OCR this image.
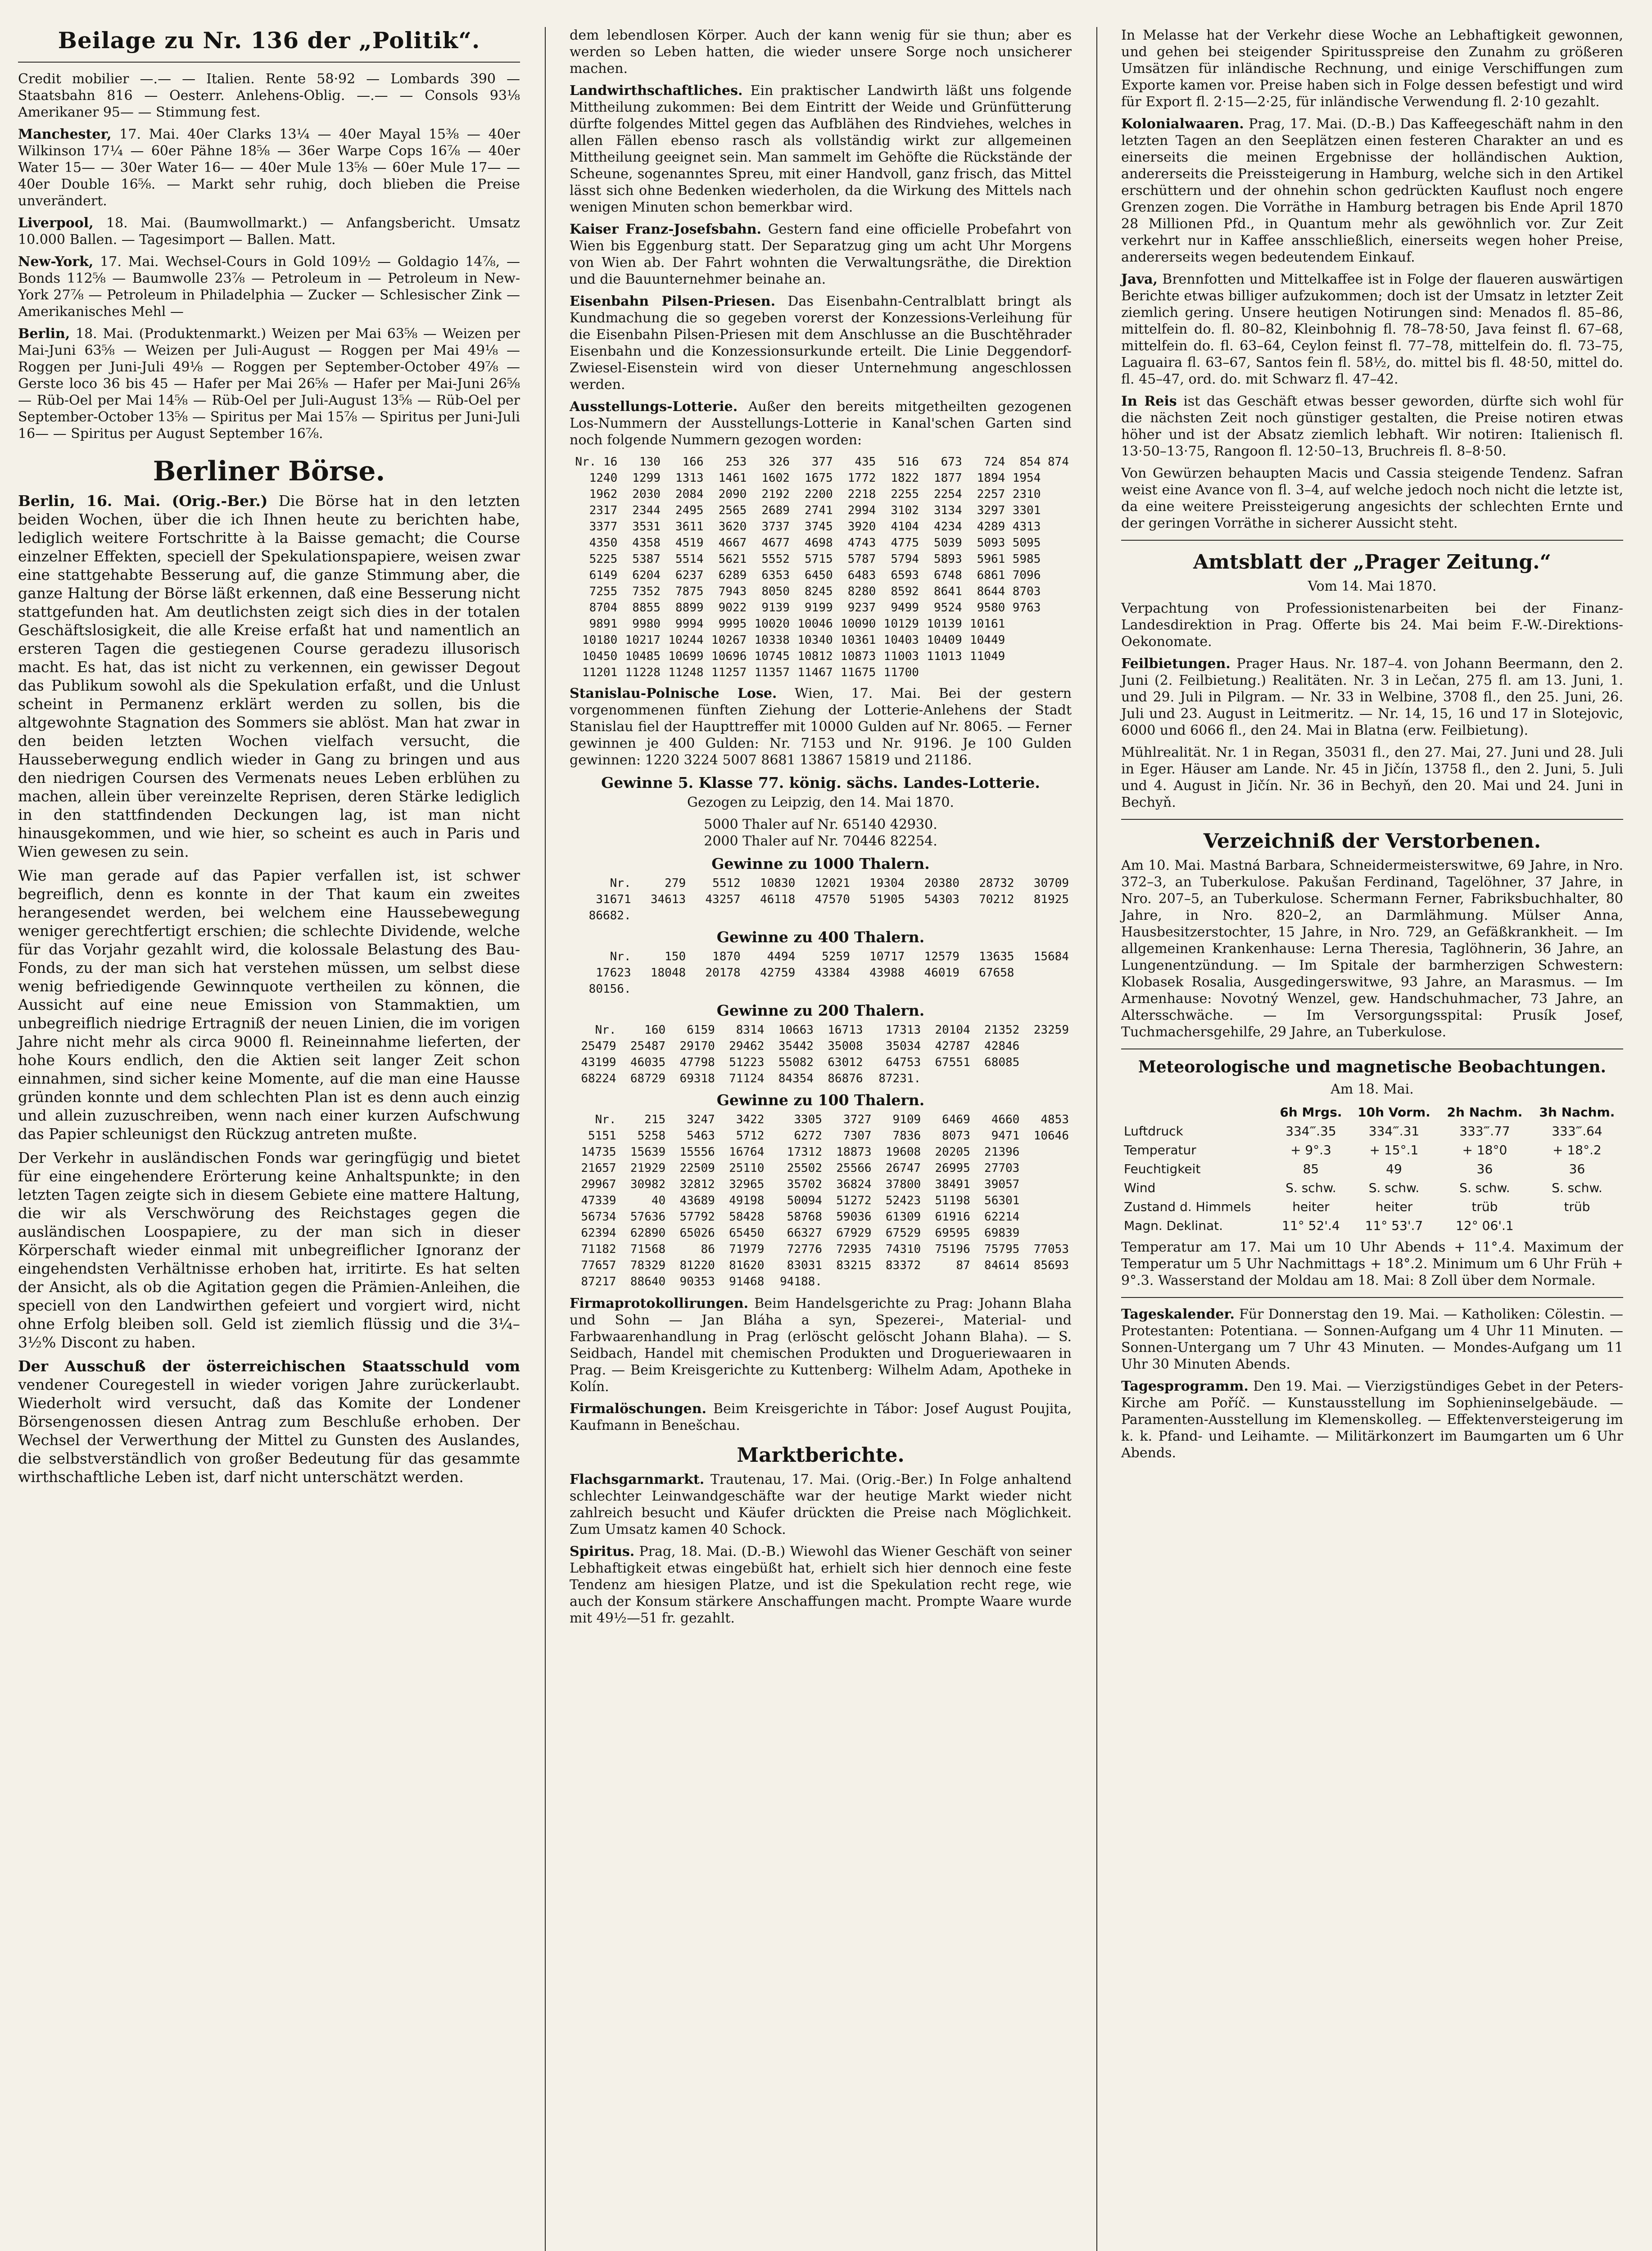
Beilage zu Nr. 136 der „Politik“.
Credit mobilier —.— — Italien. Rente 58·92 — Lombards 390 — Staatsbahn 816 — Oesterr. Anlehens-Oblig. —.— — Consols 93⅛ Amerikaner 95— — Stimmung fest.
Manchester, 17. Mai. 40er Clarks 13¼ — 40er Mayal 15⅜ — 40er Wilkinson 17¼ — 60er Pähne 18⅝ — 36er Warpe Cops 16⅞ — 40er Water 15— — 30er Water 16— — 40er Mule 13⅝ — 60er Mule 17— — 40er Double 16⅝. — Markt sehr ruhig, doch blieben die Preise unverändert.
Liverpool, 18. Mai. (Baumwollmarkt.) — Anfangsbericht. Umsatz 10.000 Ballen. — Tagesimport — Ballen. Matt.
New-York, 17. Mai. Wechsel-Cours in Gold 109½ — Goldagio 14⅞, — Bonds 112⅝ — Baumwolle 23⅞ — Petroleum in — Petroleum in New-York 27⅞ — Petroleum in Philadelphia — Zucker — Schlesischer Zink — Amerikanisches Mehl —
Berlin, 18. Mai. (Produktenmarkt.) Weizen per Mai 63⅝ — Weizen per Mai-Juni 63⅝ — Weizen per Juli-August — Roggen per Mai 49⅛ — Roggen per Juni-Juli 49⅛ — Roggen per September-October 49⅞ — Gerste loco 36 bis 45 — Hafer per Mai 26⅝ — Hafer per Mai-Juni 26⅝ — Rüb-Oel per Mai 14⅝ — Rüb-Oel per Juli-August 13⅝ — Rüb-Oel per September-October 13⅝ — Spiritus per Mai 15⅞ — Spiritus per Juni-Juli 16— — Spiritus per August September 16⅞.
Berliner Börse.
Berlin, 16. Mai. (Orig.-Ber.) Die Börse hat in den letzten beiden Wochen, über die ich Ihnen heute zu berichten habe, lediglich weitere Fortschritte à la Baisse gemacht; die Course einzelner Effekten, speciell der Spekulationspapiere, weisen zwar eine stattgehabte Besserung auf, die ganze Stimmung aber, die ganze Haltung der Börse läßt erkennen, daß eine Besserung nicht stattgefunden hat. Am deutlichsten zeigt sich dies in der totalen Geschäftslosigkeit, die alle Kreise erfaßt hat und namentlich an ersteren Tagen die gestiegenen Course geradezu illusorisch macht. Es hat, das ist nicht zu verkennen, ein gewisser Degout das Publikum sowohl als die Spekulation erfaßt, und die Unlust scheint in Permanenz erklärt werden zu sollen, bis die altgewohnte Stagnation des Sommers sie ablöst. Man hat zwar in den beiden letzten Wochen vielfach versucht, die Hausseberwegung endlich wieder in Gang zu bringen und aus den niedrigen Coursen des Vermenats neues Leben erblühen zu machen, allein über vereinzelte Reprisen, deren Stärke lediglich in den stattfindenden Deckungen lag, ist man nicht hinausgekommen, und wie hier, so scheint es auch in Paris und Wien gewesen zu sein.
Wie man gerade auf das Papier verfallen ist, ist schwer begreiflich, denn es konnte in der That kaum ein zweites herangesendet werden, bei welchem eine Haussebewegung weniger gerechtfertigt erschien; die schlechte Dividende, welche für das Vorjahr gezahlt wird, die kolossale Belastung des Bau-Fonds, zu der man sich hat verstehen müssen, um selbst diese wenig befriedigende Gewinnquote vertheilen zu können, die Aussicht auf eine neue Emission von Stammaktien, um unbegreiflich niedrige Ertragniß der neuen Linien, die im vorigen Jahre nicht mehr als circa 9000 fl. Reineinnahme lieferten, der hohe Kours endlich, den die Aktien seit langer Zeit schon einnahmen, sind sicher keine Momente, auf die man eine Hausse gründen konnte und dem schlechten Plan ist es denn auch einzig und allein zuzuschreiben, wenn nach einer kurzen Aufschwung das Papier schleunigst den Rückzug antreten mußte.
Der Verkehr in ausländischen Fonds war geringfügig und bietet für eine eingehendere Erörterung keine Anhaltspunkte; in den letzten Tagen zeigte sich in diesem Gebiete eine mattere Haltung, die wir als Verschwörung des Reichstages gegen die ausländischen Loospapiere, zu der man sich in dieser Körperschaft wieder einmal mit unbegreiflicher Ignoranz der eingehendsten Verhältnisse erhoben hat, irritirte. Es hat selten der Ansicht, als ob die Agitation gegen die Prämien-Anleihen, die speciell von den Landwirthen gefeiert und vorgiert wird, nicht ohne Erfolg bleiben soll. Geld ist ziemlich flüssig und die 3¼–3½% Discont zu haben.
Der Ausschuß der österreichischen Staatsschuld vom vendener Couregestell in wieder vorigen Jahre zurückerlaubt. Wiederholt wird versucht, daß das Komite der Londener Börsengenossen diesen Antrag zum Beschluße erhoben. Der Wechsel der Verwerthung der Mittel zu Gunsten des Auslandes, die selbstverständlich von großer Bedeutung für das gesammte wirthschaftliche Leben ist, darf nicht unterschätzt werden.
dem lebendlosen Körper. Auch der kann wenig für sie thun; aber es werden so Leben hatten, die wieder unsere Sorge noch unsicherer machen.
Landwirthschaftliches. Ein praktischer Landwirth läßt uns folgende Mittheilung zukommen: Bei dem Eintritt der Weide und Grünfütterung dürfte folgendes Mittel gegen das Aufblähen des Rindviehes, welches in allen Fällen ebenso rasch als vollständig wirkt zur allgemeinen Mittheilung geeignet sein. Man sammelt im Gehöfte die Rückstände der Scheune, sogenanntes Spreu, mit einer Handvoll, ganz frisch, das Mittel lässt sich ohne Bedenken wiederholen, da die Wirkung des Mittels nach wenigen Minuten schon bemerkbar wird.
Kaiser Franz-Josefsbahn. Gestern fand eine officielle Probefahrt von Wien bis Eggenburg statt. Der Separatzug ging um acht Uhr Morgens von Wien ab. Der Fahrt wohnten die Verwaltungsräthe, die Direktion und die Bauunternehmer beinahe an.
Eisenbahn Pilsen-Priesen. Das Eisenbahn-Centralblatt bringt als Kundmachung die so gegeben vorerst der Konzessions-Verleihung für die Eisenbahn Pilsen-Priesen mit dem Anschlusse an die Buschtěhrader Eisenbahn und die Konzessionsurkunde erteilt. Die Linie Deggendorf-Zwiesel-Eisenstein wird von dieser Unternehmung angeschlossen werden.
Ausstellungs-Lotterie. Außer den bereits mitgetheilten gezogenen Los-Nummern der Ausstellungs-Lotterie in Kanal'schen Garten sind noch folgende Nummern gezogen worden:
Nr. 16	130	166	253	326	377	435	516	673	724	854	874
1240	1299	1313	1461	1602	1675	1772	1822	1877	1894	1954	
1962	2030	2084	2090	2192	2200	2218	2255	2254	2257	2310	
2317	2344	2495	2565	2689	2741	2994	3102	3134	3297	3301	
3377	3531	3611	3620	3737	3745	3920	4104	4234	4289	4313	
4350	4358	4519	4667	4677	4698	4743	4775	5039	5093	5095	
5225	5387	5514	5621	5552	5715	5787	5794	5893	5961	5985	
6149	6204	6237	6289	6353	6450	6483	6593	6748	6861	7096	
7255	7352	7875	7943	8050	8245	8280	8592	8641	8644	8703	
8704	8855	8899	9022	9139	9199	9237	9499	9524	9580	9763	
9891	9980	9994	9995	10020	10046	10090	10129	10139	10161		
10180	10217	10244	10267	10338	10340	10361	10403	10409	10449		
10450	10485	10699	10696	10745	10812	10873	11003	11013	11049		
11201	11228	11248	11257	11357	11467	11675	11700				
Stanislau-Polnische Lose. Wien, 17. Mai. Bei der gestern vorgenommenen fünften Ziehung der Lotterie-Anlehens der Stadt Stanislau fiel der Haupttreffer mit 10000 Gulden auf Nr. 8065. — Ferner gewinnen je 400 Gulden: Nr. 7153 und Nr. 9196. Je 100 Gulden gewinnen: 1220 3224 5007 8681 13867 15819 und 21186.
Gewinne 5. Klasse 77. könig. sächs. Landes-Lotterie.
Gezogen zu Leipzig, den 14. Mai 1870.
5000 Thaler auf Nr. 65140 42930.
2000 Thaler auf Nr. 70446 82254.
Gewinne zu 1000 Thalern.
Nr.	279	5512	10830	12021	19304	20380	28732	30709
31671	34613	43257	46118	47570	51905	54303	70212	81925
86682.								
Gewinne zu 400 Thalern.
Nr.	150	1870	4494	5259	10717	12579	13635	15684
17623	18048	20178	42759	43384	43988	46019	67658	
80156.								
Gewinne zu 200 Thalern.
Nr.	160	6159	8314	10663	16713	17313	20104	21352	23259
25479	25487	29170	29462	35442	35008	35034	42787	42846	
43199	46035	47798	51223	55082	63012	64753	67551	68085	
68224	68729	69318	71124	84354	86876	87231.			
Gewinne zu 100 Thalern.
Nr.	215	3247	3422	3305	3727	9109	6469	4660	4853
5151	5258	5463	5712	6272	7307	7836	8073	9471	10646
14735	15639	15556	16764	17312	18873	19608	20205	21396	
21657	21929	22509	25110	25502	25566	26747	26995	27703	
29967	30982	32812	32965	35702	36824	37800	38491	39057	
47339	40	43689	49198	50094	51272	52423	51198	56301	
56734	57636	57792	58428	58768	59036	61309	61916	62214	
62394	62890	65026	65450	66327	67929	67529	69595	69839	
71182	71568	86	71979	72776	72935	74310	75196	75795	77053
77657	78329	81220	81620	83031	83215	83372	87	84614	85693
87217	88640	90353	91468	94188.					
Firmaprotokollirungen. Beim Handelsgerichte zu Prag: Johann Blaha und Sohn — Jan Bláha a syn, Spezerei-, Material- und Farbwaarenhandlung in Prag (erlöscht gelöscht Johann Blaha). — S. Seidbach, Handel mit chemischen Produkten und Drogueriewaaren in Prag. — Beim Kreisgerichte zu Kuttenberg: Wilhelm Adam, Apotheke in Kolín.
Firmalöschungen. Beim Kreisgerichte in Tábor: Josef August Poujita, Kaufmann in Benešchau.
Marktberichte.
Flachsgarnmarkt. Trautenau, 17. Mai. (Orig.-Ber.) In Folge anhaltend schlechter Leinwandgeschäfte war der heutige Markt wieder nicht zahlreich besucht und Käufer drückten die Preise nach Möglichkeit. Zum Umsatz kamen 40 Schock.
Spiritus. Prag, 18. Mai. (D.-B.) Wiewohl das Wiener Geschäft von seiner Lebhaftigkeit etwas eingebüßt hat, erhielt sich hier dennoch eine feste Tendenz am hiesigen Platze, und ist die Spekulation recht rege, wie auch der Konsum stärkere Anschaffungen macht. Prompte Waare wurde mit 49½—51 fr. gezahlt.
In Melasse hat der Verkehr diese Woche an Lebhaftigkeit gewonnen, und gehen bei steigender Spiritusspreise den Zunahm zu größeren Umsätzen für inländische Rechnung, und einige Verschiffungen zum Exporte kamen vor. Preise haben sich in Folge dessen befestigt und wird für Export fl. 2·15—2·25, für inländische Verwendung fl. 2·10 gezahlt.
Kolonialwaaren. Prag, 17. Mai. (D.-B.) Das Kaffeegeschäft nahm in den letzten Tagen an den Seeplätzen einen festeren Charakter an und es einerseits die meinen Ergebnisse der holländischen Auktion, andererseits die Preissteigerung in Hamburg, welche sich in den Artikel erschüttern und der ohnehin schon gedrückten Kauflust noch engere Grenzen zogen. Die Vorräthe in Hamburg betragen bis Ende April 1870 28 Millionen Pfd., in Quantum mehr als gewöhnlich vor. Zur Zeit verkehrt nur in Kaffee ansschließlich, einerseits wegen hoher Preise, andererseits wegen bedeutendem Einkauf.
Java, Brennfotten und Mittelkaffee ist in Folge der flaueren auswärtigen Berichte etwas billiger aufzukommen; doch ist der Umsatz in letzter Zeit ziemlich gering. Unsere heutigen Notirungen sind: Menados fl. 85–86, mittelfein do. fl. 80–82, Kleinbohnig fl. 78–78·50, Java feinst fl. 67–68, mittelfein do. fl. 63–64, Ceylon feinst fl. 77–78, mittelfein do. fl. 73–75, Laguaira fl. 63–67, Santos fein fl. 58½, do. mittel bis fl. 48·50, mittel do. fl. 45–47, ord. do. mit Schwarz fl. 47–42.
In Reis ist das Geschäft etwas besser geworden, dürfte sich wohl für die nächsten Zeit noch günstiger gestalten, die Preise notiren etwas höher und ist der Absatz ziemlich lebhaft. Wir notiren: Italienisch fl. 13·50–13·75, Rangoon fl. 12·50–13, Bruchreis fl. 8–8·50.
Von Gewürzen behaupten Macis und Cassia steigende Tendenz. Safran weist eine Avance von fl. 3–4, auf welche jedoch noch nicht die letzte ist, da eine weitere Preissteigerung angesichts der schlechten Ernte und der geringen Vorräthe in sicherer Aussicht steht.
Amtsblatt der „Prager Zeitung.“
Vom 14. Mai 1870.
Verpachtung von Professionistenarbeiten bei der Finanz-Landesdirektion in Prag. Offerte bis 24. Mai beim F.-W.-Direktions-Oekonomate.
Feilbietungen. Prager Haus. Nr. 187–4. von Johann Beermann, den 2. Juni (2. Feilbietung.) Realitäten. Nr. 3 in Lečan, 275 fl. am 13. Juni, 1. und 29. Juli in Pilgram. — Nr. 33 in Welbine, 3708 fl., den 25. Juni, 26. Juli und 23. August in Leitmeritz. — Nr. 14, 15, 16 und 17 in Slotejovic, 6000 und 6066 fl., den 24. Mai in Blatna (erw. Feilbietung).
Mühlrealität. Nr. 1 in Regan, 35031 fl., den 27. Mai, 27. Juni und 28. Juli in Eger. Häuser am Lande. Nr. 45 in Jičín, 13758 fl., den 2. Juni, 5. Juli und 4. August in Jičín. Nr. 36 in Bechyň, den 20. Mai und 24. Juni in Bechyň.
Verzeichniß der Verstorbenen.
Am 10. Mai. Mastná Barbara, Schneidermeisterswitwe, 69 Jahre, in Nro. 372–3, an Tuberkulose. Pakušan Ferdinand, Tagelöhner, 37 Jahre, in Nro. 207–5, an Tuberkulose. Schermann Ferner, Fabriksbuchhalter, 80 Jahre, in Nro. 820–2, an Darmlähmung. Mülser Anna, Hausbesitzerstochter, 15 Jahre, in Nro. 729, an Gefäßkrankheit. — Im allgemeinen Krankenhause: Lerna Theresia, Taglöhnerin, 36 Jahre, an Lungenentzündung. — Im Spitale der barmherzigen Schwestern: Klobasek Rosalia, Ausgedingerswitwe, 93 Jahre, an Marasmus. — Im Armenhause: Novotný Wenzel, gew. Handschuhmacher, 73 Jahre, an Altersschwäche. — Im Versorgungsspital: Prusík Josef, Tuchmachersgehilfe, 29 Jahre, an Tuberkulose.
Meteorologische und magnetische Beobachtungen.
Am 18. Mai.
	6h Mrgs.	10h Vorm.	2h Nachm.	3h Nachm.
Luftdruck	334‴.35	334‴.31	333‴.77	333‴.64
Temperatur	+ 9°.3	+ 15°.1	+ 18°0	+ 18°.2
Feuchtigkeit	85	49	36	36
Wind	S. schw.	S. schw.	S. schw.	S. schw.
Zustand d. Himmels	heiter	heiter	trüb	trüb
Magn. Deklinat.	11° 52'.4	11° 53'.7	12° 06'.1	
Temperatur am 17. Mai um 10 Uhr Abends + 11°.4. Maximum der Temperatur um 5 Uhr Nachmittags + 18°.2. Minimum um 6 Uhr Früh + 9°.3. Wasserstand der Moldau am 18. Mai: 8 Zoll über dem Normale.
Tageskalender. Für Donnerstag den 19. Mai. — Katholiken: Cölestin. — Protestanten: Potentiana. — Sonnen-Aufgang um 4 Uhr 11 Minuten. — Sonnen-Untergang um 7 Uhr 43 Minuten. — Mondes-Aufgang um 11 Uhr 30 Minuten Abends.
Tagesprogramm. Den 19. Mai. — Vierzigstündiges Gebet in der Peters-Kirche am Poříč. — Kunstausstellung im Sophieninselgebäude. — Paramenten-Ausstellung im Klemenskolleg. — Effektenversteigerung im k. k. Pfand- und Leihamte. — Militärkonzert im Baumgarten um 6 Uhr Abends.
